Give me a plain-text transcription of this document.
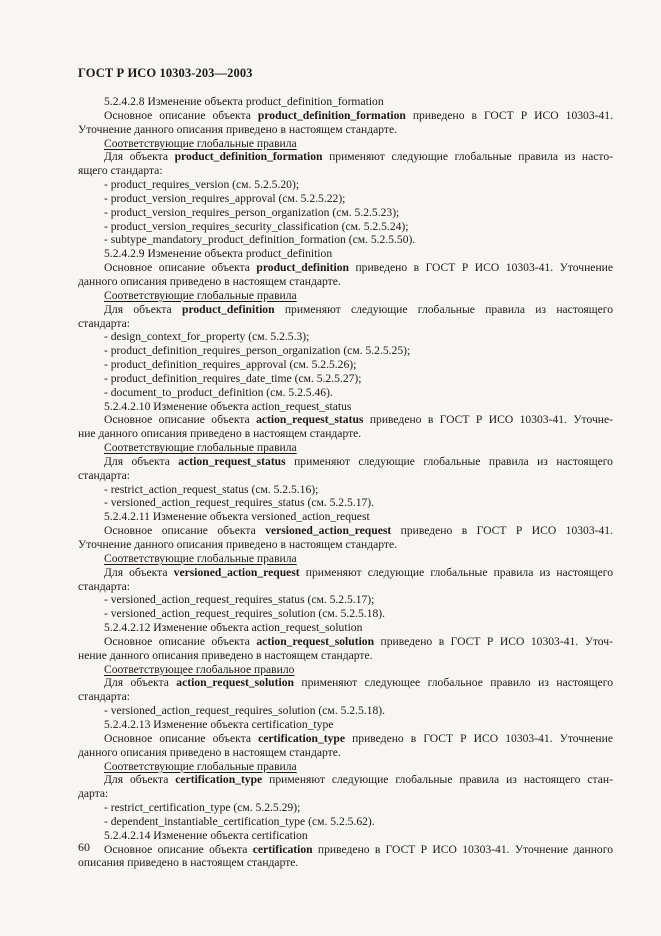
ГОСТ Р ИСО 10303-203—2003
5.2.4.2.8 Изменение объекта product_definition_formation
Основное описание объекта product_definition_formation приведено в ГОСТ Р ИСО 10303-41.
Уточнение данного описания приведено в настоящем стандарте.
Соответствующие глобальные правила
Для объекта product_definition_formation применяют следующие глобальные правила из насто-
ящего стандарта:
- product_requires_version (см. 5.2.5.20);
- product_version_requires_approval (см. 5.2.5.22);
- product_version_requires_person_organization (см. 5.2.5.23);
- product_version_requires_security_classification (см. 5.2.5.24);
- subtype_mandatory_product_definition_formation (см. 5.2.5.50).
5.2.4.2.9 Изменение объекта product_definition
Основное описание объекта product_definition приведено в ГОСТ Р ИСО 10303-41. Уточнение
данного описания приведено в настоящем стандарте.
Соответствующие глобальные правила
Для объекта product_definition применяют следующие глобальные правила из настоящего
стандарта:
- design_context_for_property (см. 5.2.5.3);
- product_definition_requires_person_organization (см. 5.2.5.25);
- product_definition_requires_approval (см. 5.2.5.26);
- product_definition_requires_date_time (см. 5.2.5.27);
- document_to_product_definition (см. 5.2.5.46).
5.2.4.2.10 Изменение объекта action_request_status
Основное описание объекта action_request_status приведено в ГОСТ Р ИСО 10303-41. Уточне-
ние данного описания приведено в настоящем стандарте.
Соответствующие глобальные правила
Для объекта action_request_status применяют следующие глобальные правила из настоящего
стандарта:
- restrict_action_request_status (см. 5.2.5.16);
- versioned_action_request_requires_status (см. 5.2.5.17).
5.2.4.2.11 Изменение объекта versioned_action_request
Основное описание объекта versioned_action_request приведено в ГОСТ Р ИСО 10303-41.
Уточнение данного описания приведено в настоящем стандарте.
Соответствующие глобальные правила
Для объекта versioned_action_request применяют следующие глобальные правила из настоящего
стандарта:
- versioned_action_request_requires_status (см. 5.2.5.17);
- versioned_action_request_requires_solution (см. 5.2.5.18).
5.2.4.2.12 Изменение объекта action_request_solution
Основное описание объекта action_request_solution приведено в ГОСТ Р ИСО 10303-41. Уточ-
нение данного описания приведено в настоящем стандарте.
Соответствующее глобальное правило
Для объекта action_request_solution применяют следующее глобальное правило из настоящего
стандарта:
- versioned_action_request_requires_solution (см. 5.2.5.18).
5.2.4.2.13 Изменение объекта certification_type
Основное описание объекта certification_type приведено в ГОСТ Р ИСО 10303-41. Уточнение
данного описания приведено в настоящем стандарте.
Соответствующие глобальные правила
Для объекта certification_type применяют следующие глобальные правила из настоящего стан-
дарта:
- restrict_certification_type (см. 5.2.5.29);
- dependent_instantiable_certification_type (см. 5.2.5.62).
5.2.4.2.14 Изменение объекта certification
Основное описание объекта certification приведено в ГОСТ Р ИСО 10303-41. Уточнение данного
описания приведено в настоящем стандарте.
60
